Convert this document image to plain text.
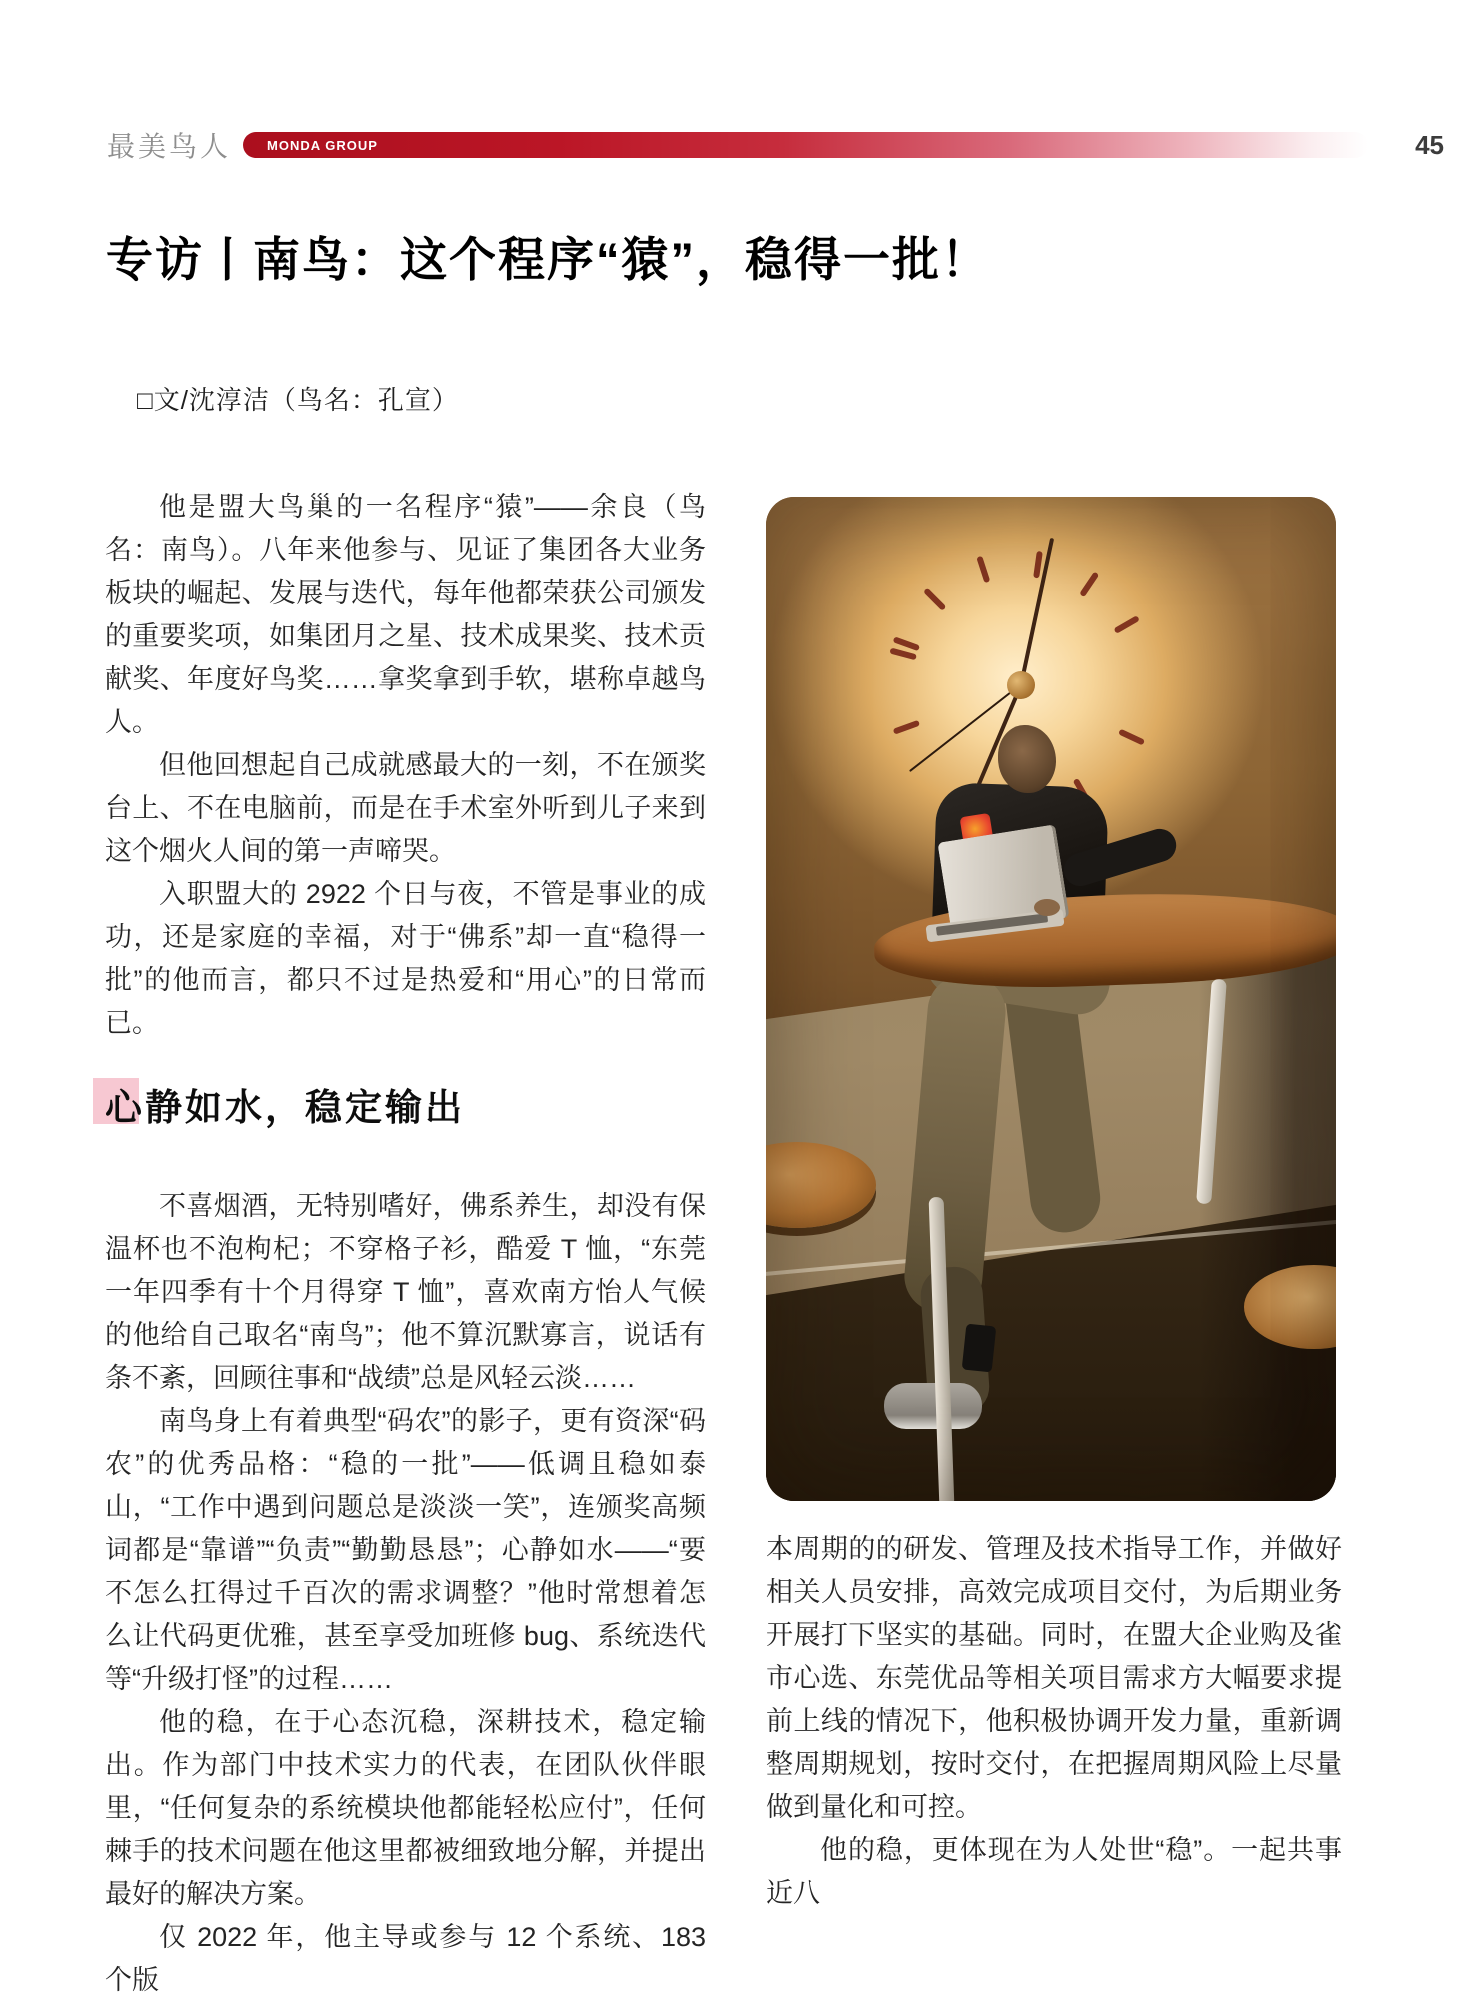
最美鸟人	MONDA GROUP	45
专访丨南鸟：这个程序“猿”，稳得一批！
□文/沈淳洁（鸟名：孔宣）

他是盟大鸟巢的一名程序“猿”——余良（鸟名：南鸟）。八年来他参与、见证了集团各大业务板块的崛起、发展与迭代，每年他都荣获公司颁发的重要奖项，如集团月之星、技术成果奖、技术贡献奖、年度好鸟奖……拿奖拿到手软，堪称卓越鸟人。

但他回想起自己成就感最大的一刻，不在颁奖台上、不在电脑前，而是在手术室外听到儿子来到这个烟火人间的第一声啼哭。

入职盟大的 2922 个日与夜，不管是事业的成功，还是家庭的幸福，对于“佛系”却一直“稳得一批”的他而言，都只不过是热爱和“用心”的日常而已。

心静如水，稳定输出

不喜烟酒，无特别嗜好，佛系养生，却没有保温杯也不泡枸杞；不穿格子衫，酷爱 T 恤，“东莞一年四季有十个月得穿 T 恤”，喜欢南方怡人气候的他给自己取名“南鸟”；他不算沉默寡言，说话有条不紊，回顾往事和“战绩”总是风轻云淡……

南鸟身上有着典型“码农”的影子，更有资深“码农”的优秀品格：“稳的一批”——低调且稳如泰山，“工作中遇到问题总是淡淡一笑”，连颁奖高频词都是“靠谱”“负责”“勤勤恳恳”；心静如水——“要不怎么扛得过千百次的需求调整？”他时常想着怎么让代码更优雅，甚至享受加班修 bug、系统迭代等“升级打怪”的过程……

他的稳，在于心态沉稳，深耕技术，稳定输出。作为部门中技术实力的代表，在团队伙伴眼里，“任何复杂的系统模块他都能轻松应付”，任何棘手的技术问题在他这里都被细致地分解，并提出最好的解决方案。

仅 2022 年，他主导或参与 12 个系统、183 个版

本周期的的研发、管理及技术指导工作，并做好相关人员安排，高效完成项目交付，为后期业务开展打下坚实的基础。同时，在盟大企业购及雀市心选、东莞优品等相关项目需求方大幅要求提前上线的情况下，他积极协调开发力量，重新调整周期规划，按时交付，在把握周期风险上尽量做到量化和可控。

他的稳，更体现在为人处世“稳”。一起共事近八
